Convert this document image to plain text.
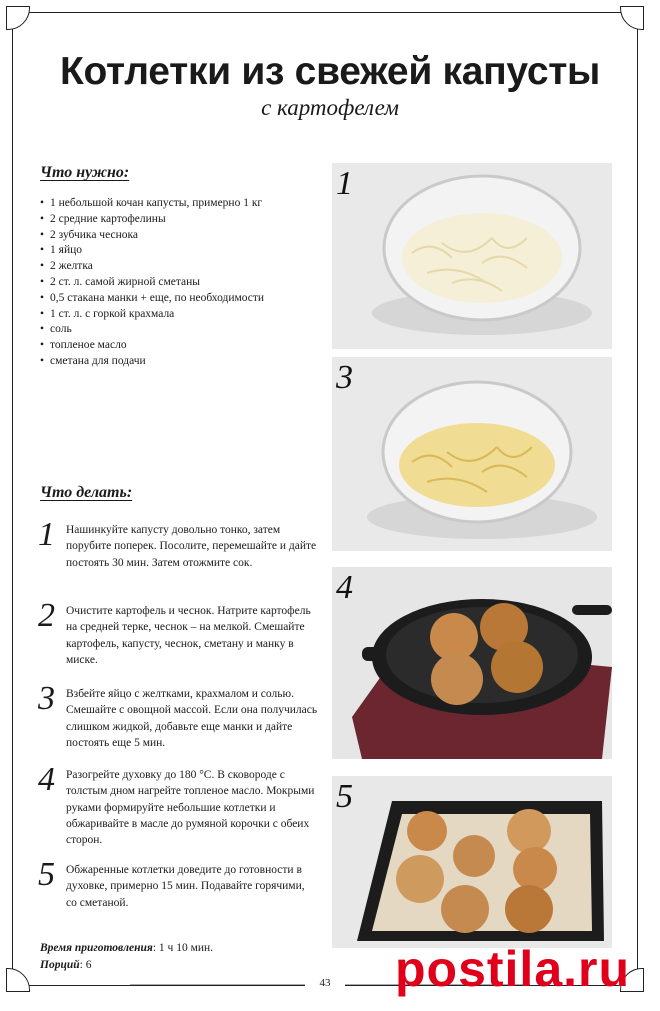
Котлетки из свежей капусты
с картофелем
Что нужно:
• 1 небольшой кочан капусты, примерно 1 кг
• 2 средние картофелины
• 2 зубчика чеснока
• 1 яйцо
• 2 желтка
• 2 ст. л. самой жирной сметаны
• 0,5 стакана манки + еще, по необходимости
• 1 ст. л. с горкой крахмала
• соль
• топленое масло
• сметана для подачи
Что делать:
1 Нашинкуйте капусту довольно тонко, затем порубите поперек. Посолите, перемешайте и дайте постоять 30 мин. Затем отожмите сок.
2 Очистите картофель и чеснок. Натрите картофель на средней терке, чеснок – на мелкой. Смешайте картофель, капусту, чеснок, сметану и манку в миске.
3 Взбейте яйцо с желтками, крахмалом и солью. Смешайте с овощной массой. Если она получилась слишком жидкой, добавьте еще манки и дайте постоять еще 5 мин.
4 Разогрейте духовку до 180 °С. В сковороде с толстым дном нагрейте топленое масло. Мокрыми руками формируйте небольшие котлетки и обжаривайте в масле до румяной корочки с обеих сторон.
5 Обжаренные котлетки доведите до готовности в духовке, примерно 15 мин. Подавайте горячими, со сметаной.
Время приготовления: 1 ч 10 мин.
Порций: 6
1
3
4
5
43 postila.ru
